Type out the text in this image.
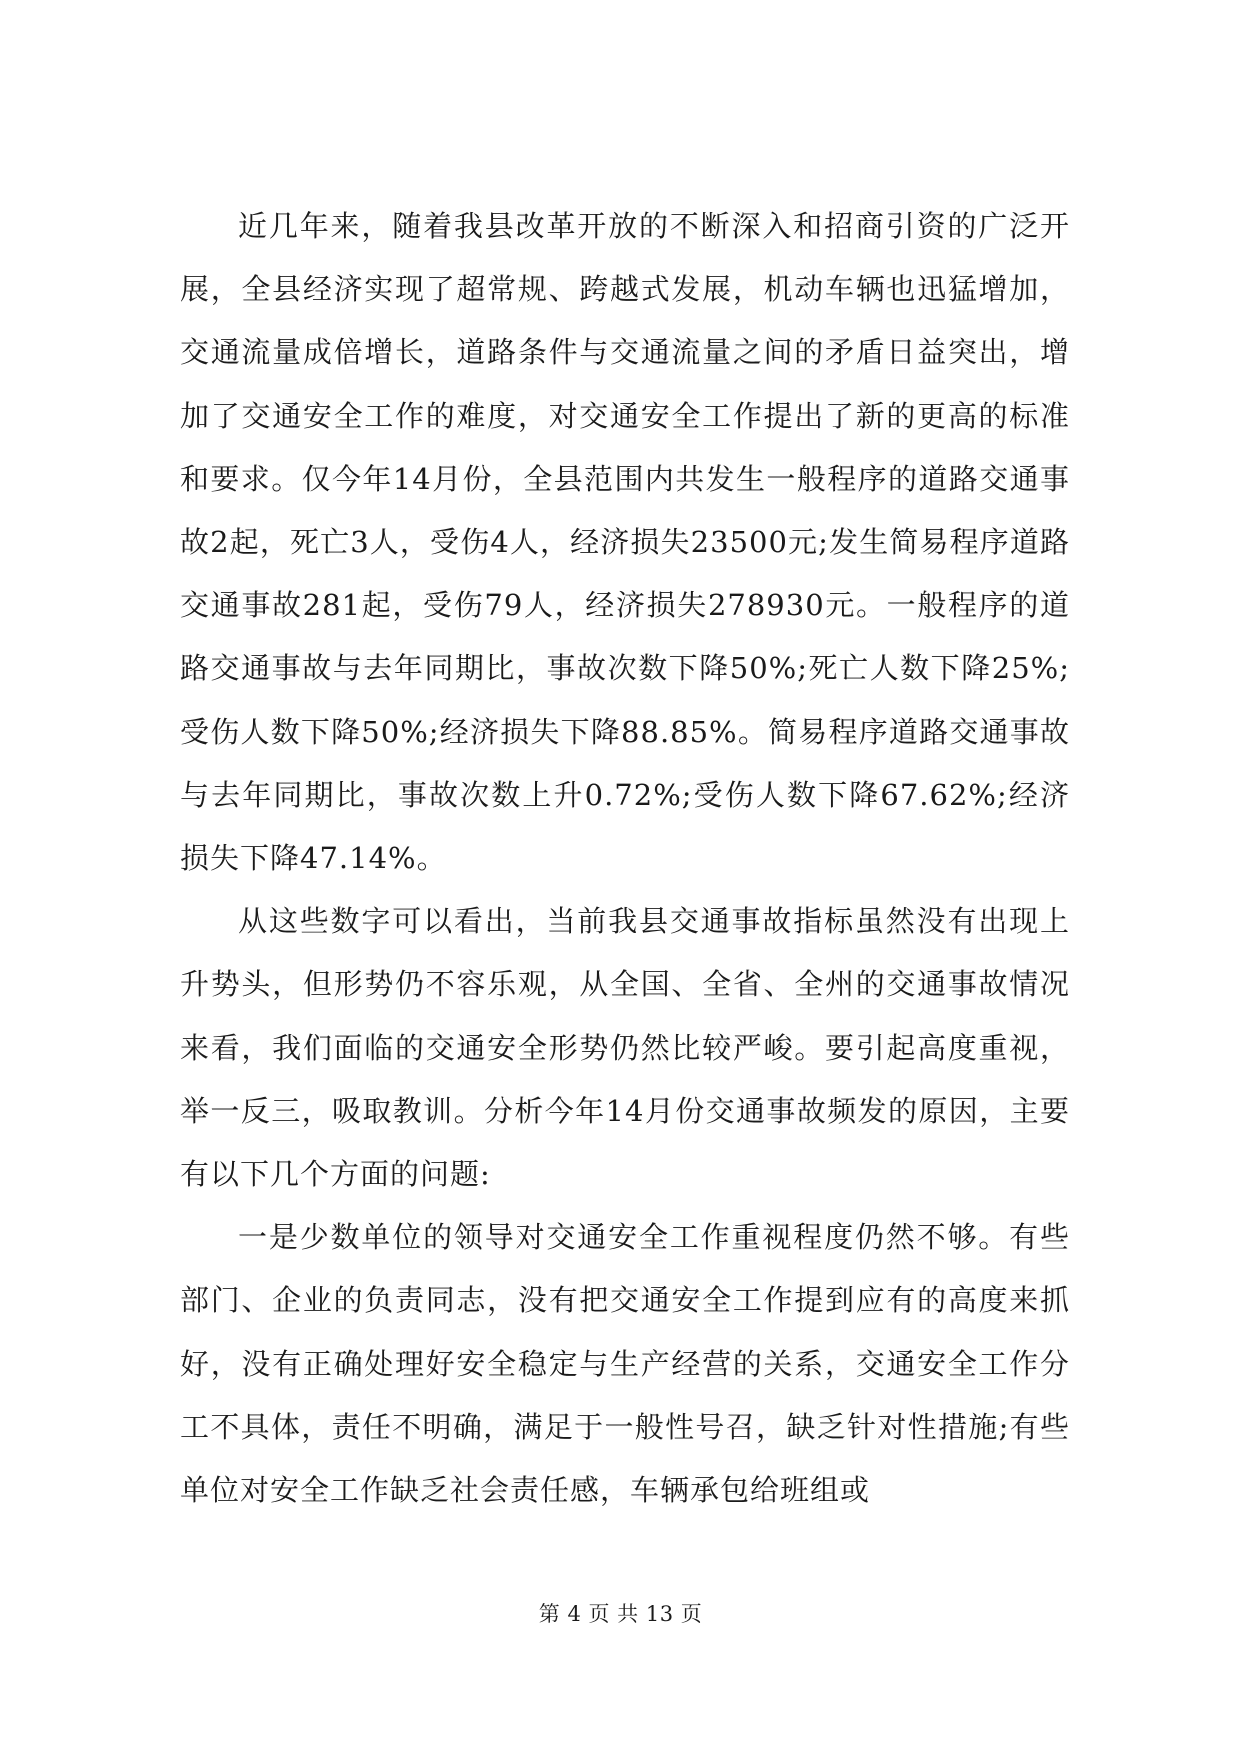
近几年来，随着我县改革开放的不断深入和招商引资的广泛开展，全县经济实现了超常规、跨越式发展，机动车辆也迅猛增加，交通流量成倍增长，道路条件与交通流量之间的矛盾日益突出，增加了交通安全工作的难度，对交通安全工作提出了新的更高的标准和要求。仅今年14月份，全县范围内共发生一般程序的道路交通事故2起，死亡3人，受伤4人，经济损失23500元;发生简易程序道路交通事故281起，受伤79人，经济损失278930元。一般程序的道路交通事故与去年同期比，事故次数下降50%;死亡人数下降25%;受伤人数下降50%;经济损失下降88.85%。简易程序道路交通事故与去年同期比，事故次数上升0.72%;受伤人数下降67.62%;经济损失下降47.14%。

从这些数字可以看出，当前我县交通事故指标虽然没有出现上升势头，但形势仍不容乐观，从全国、全省、全州的交通事故情况来看，我们面临的交通安全形势仍然比较严峻。要引起高度重视，举一反三，吸取教训。分析今年14月份交通事故频发的原因，主要有以下几个方面的问题:

一是少数单位的领导对交通安全工作重视程度仍然不够。有些部门、企业的负责同志，没有把交通安全工作提到应有的高度来抓好，没有正确处理好安全稳定与生产经营的关系，交通安全工作分工不具体，责任不明确，满足于一般性号召，缺乏针对性措施;有些单位对安全工作缺乏社会责任感，车辆承包给班组或

第 4 页 共 13 页
